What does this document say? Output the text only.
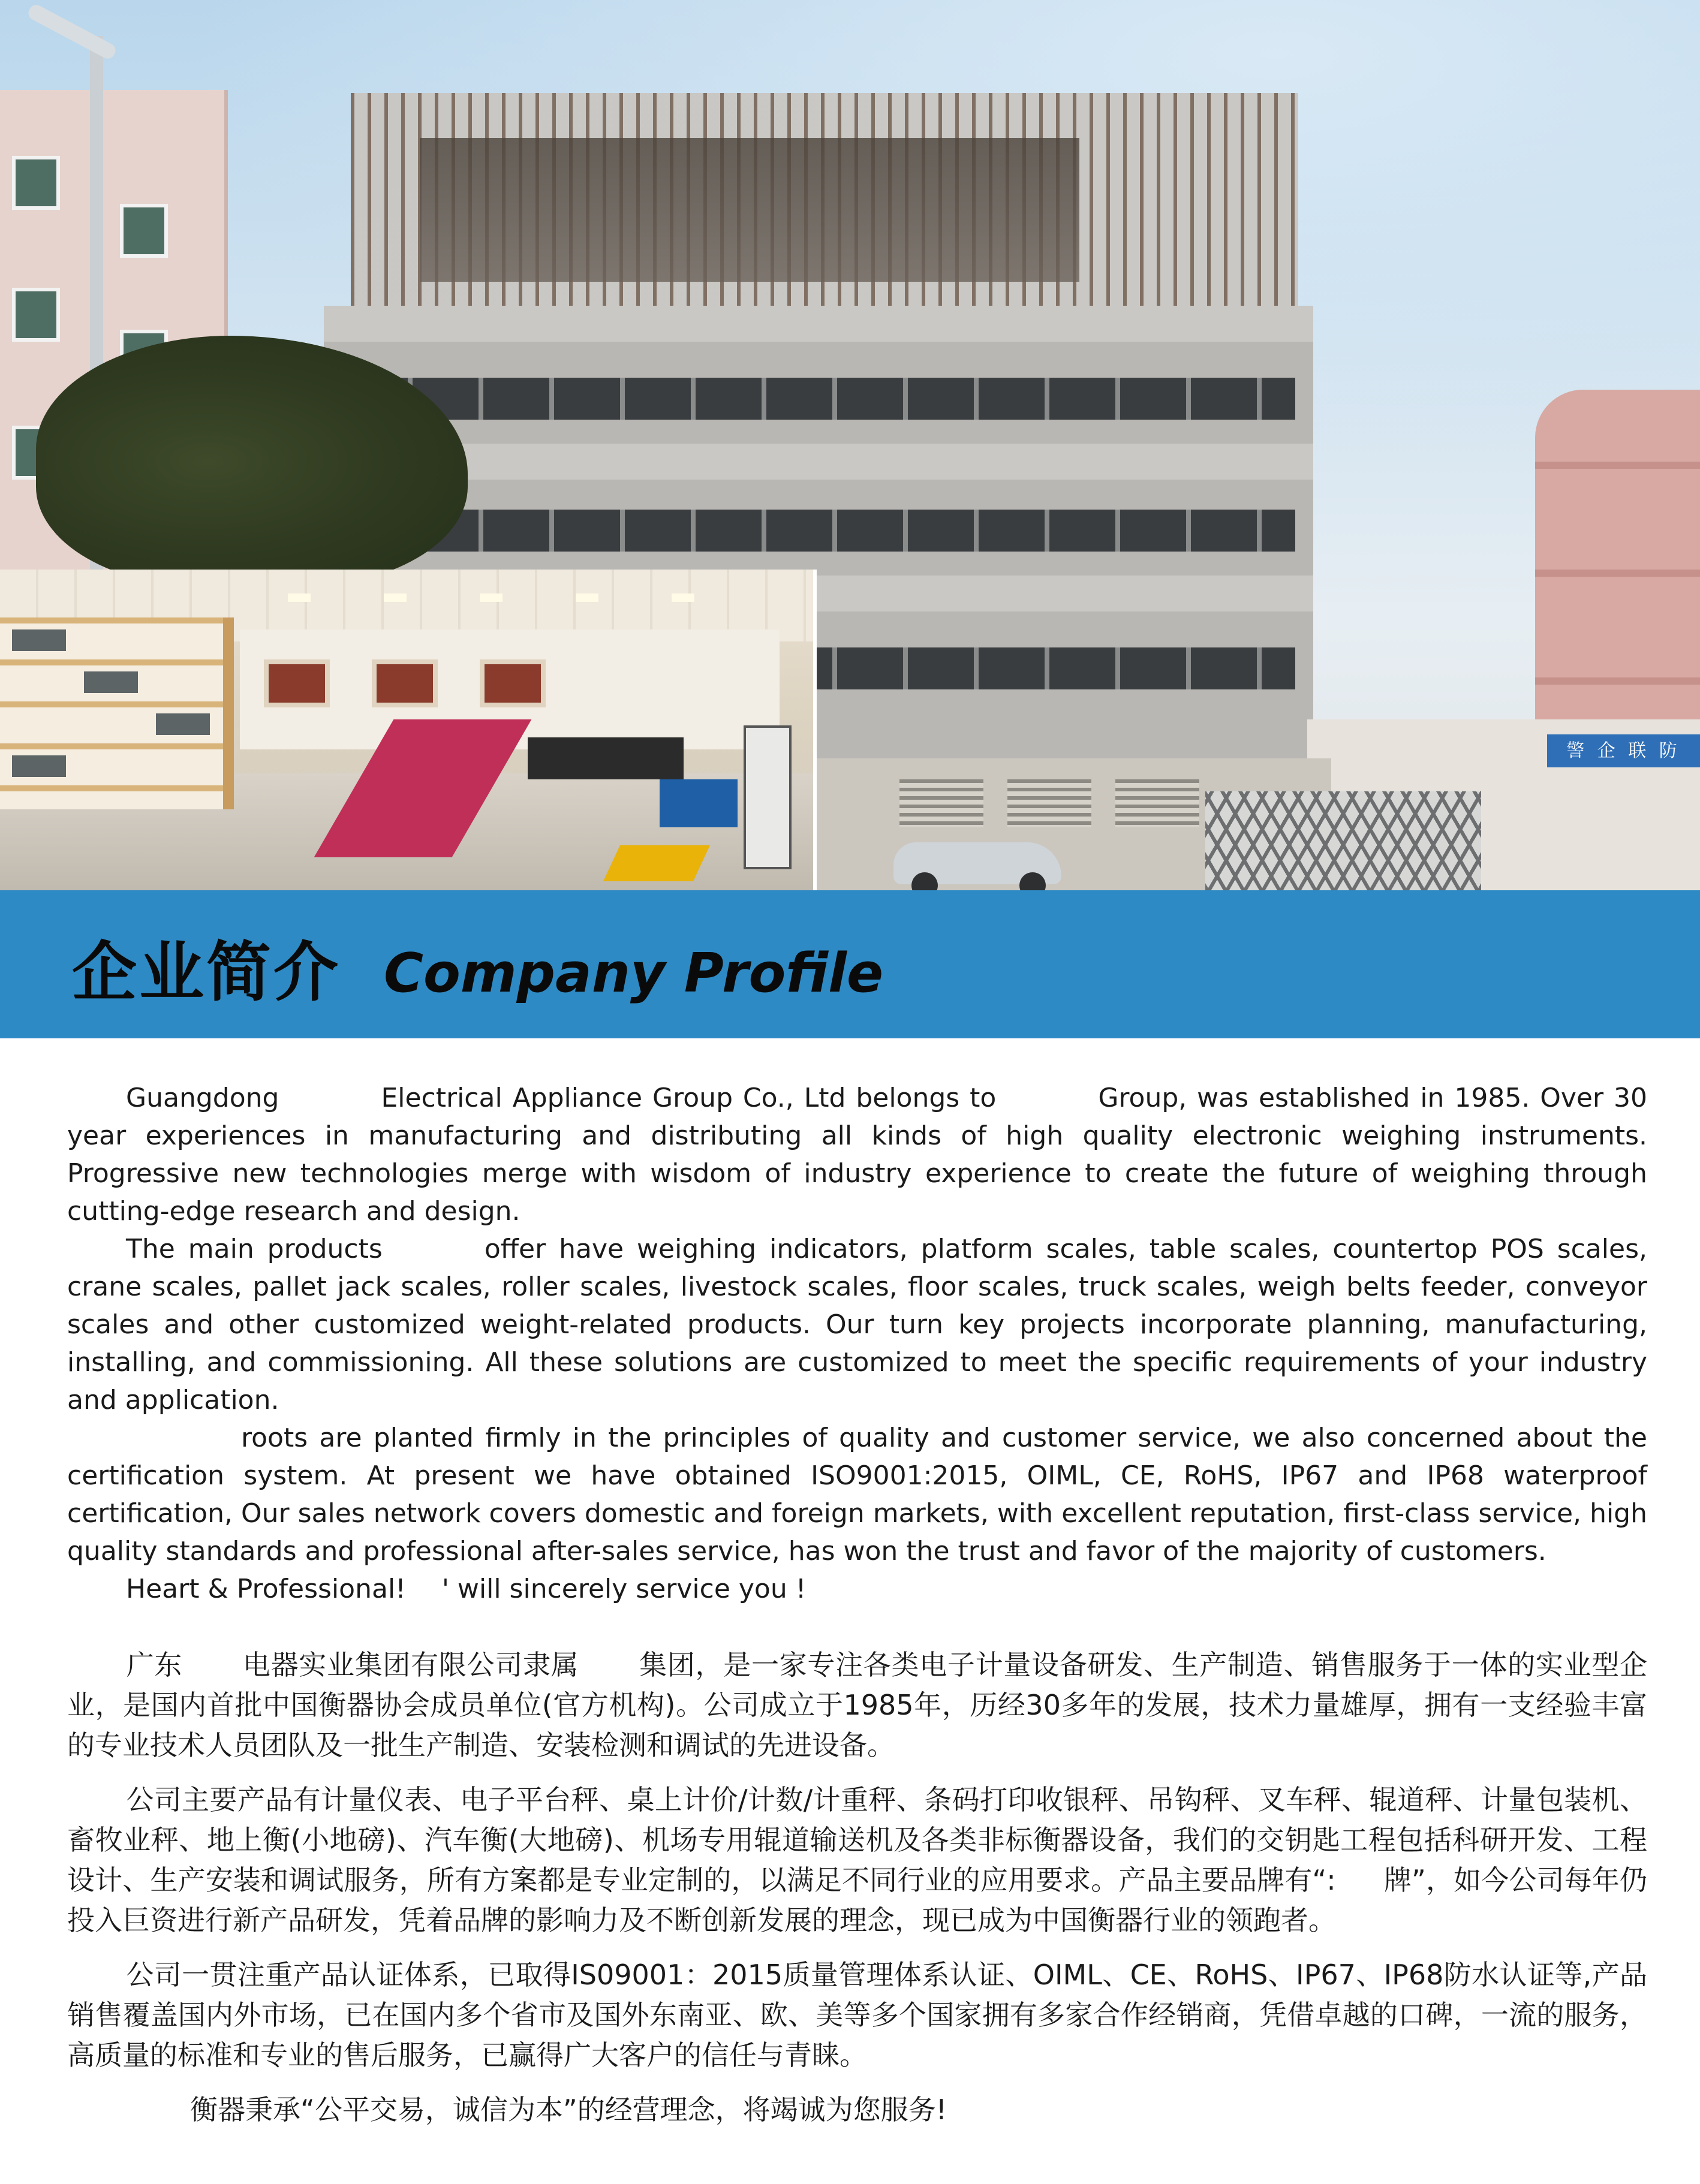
警 企 联 防
企业简介 Company Profile

Guangdong	Electrical Appliance Group Co., Ltd belongs to	Group, was established in 1985. Over 30 year experiences in manufacturing and distributing all kinds of high quality electronic weighing instruments. Progressive new technologies merge with wisdom of industry experience to create the future of weighing through cutting-edge research and design.

The main products	offer have weighing indicators, platform scales, table scales, countertop POS scales, crane scales, pallet jack scales, roller scales, livestock scales, floor scales, truck scales, weigh belts feeder, conveyor scales and other customized weight-related products. Our turn key projects incorporate planning, manufacturing, installing, and commissioning. All these solutions are customized to meet the specific requirements of your industry and application.

roots are planted firmly in the principles of quality and customer service, we also concerned about the certification system. At present we have obtained ISO9001:2015, OIML, CE, RoHS, IP67 and IP68 waterproof certification, Our sales network covers domestic and foreign markets, with excellent reputation, first-class service, high quality standards and professional after-sales service, has won the trust and favor of the majority of customers.

Heart & Professional! ' will sincerely service you !

广东 电器实业集团有限公司隶属 集团，是一家专注各类电子计量设备研发、生产制造、销售服务于一体的实业型企业，是国内首批中国衡器协会成员单位(官方机构)。公司成立于1985年，历经30多年的发展，技术力量雄厚，拥有一支经验丰富的专业技术人员团队及一批生产制造、安装检测和调试的先进设备。

公司主要产品有计量仪表、电子平台秤、桌上计价/计数/计重秤、条码打印收银秤、吊钩秤、叉车秤、辊道秤、计量包装机、畜牧业秤、地上衡(小地磅)、汽车衡(大地磅)、机场专用辊道输送机及各类非标衡器设备，我们的交钥匙工程包括科研开发、工程设计、生产安装和调试服务，所有方案都是专业定制的，以满足不同行业的应用要求。产品主要品牌有“: 牌”，如今公司每年仍投入巨资进行新产品研发，凭着品牌的影响力及不断创新发展的理念，现已成为中国衡器行业的领跑者。

公司一贯注重产品认证体系，已取得IS09001：2015质量管理体系认证、OIML、CE、RoHS、IP67、IP68防水认证等,产品销售覆盖国内外市场，已在国内多个省市及国外东南亚、欧、美等多个国家拥有多家合作经销商，凭借卓越的口碑，一流的服务，高质量的标准和专业的售后服务，已赢得广大客户的信任与青睐。

衡器秉承“公平交易，诚信为本”的经营理念，将竭诚为您服务!
